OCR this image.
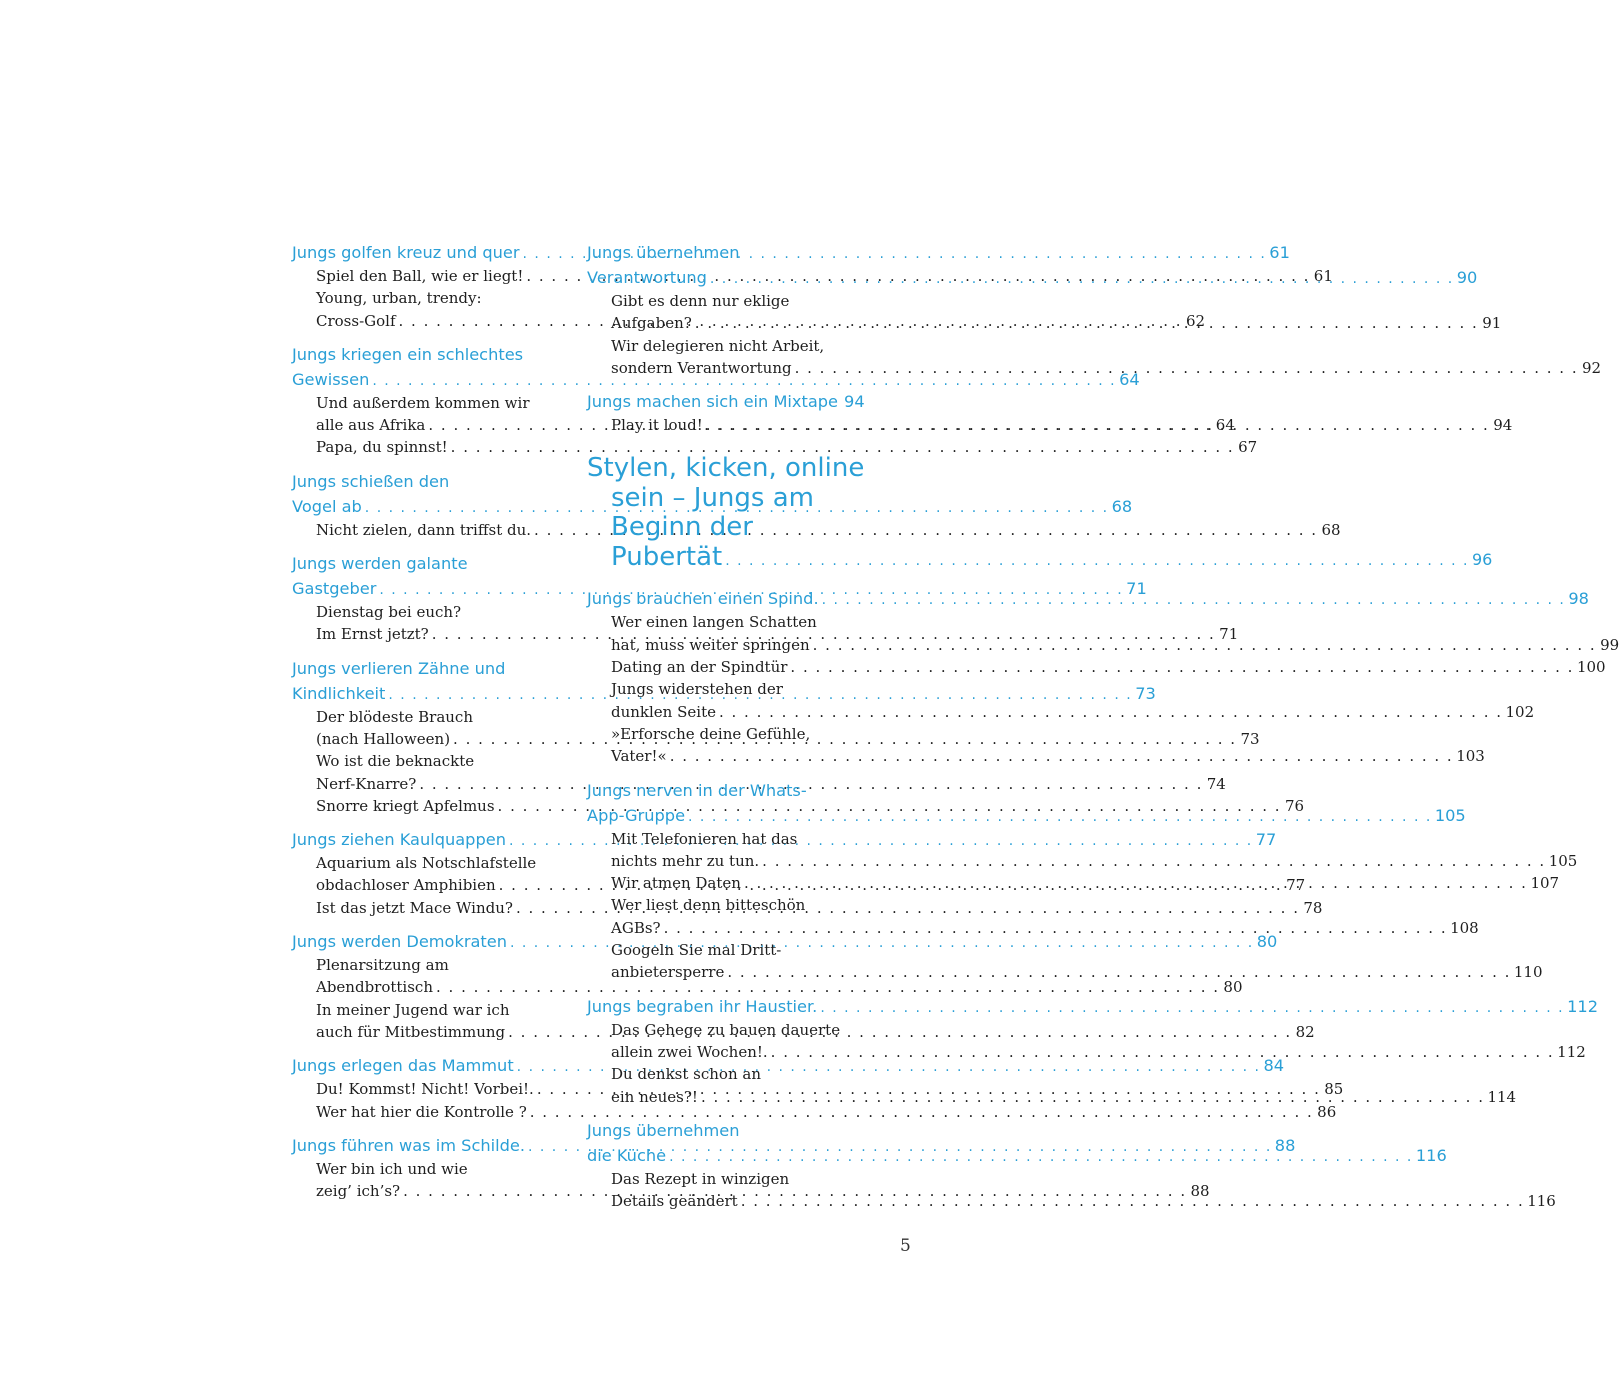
Jungs golfen kreuz und quer . . .	61
Spiel den Ball, wie er liegt! . . .	61
Young, urban, trendy:
Cross-Golf . . .	62
Jungs kriegen ein schlechtes
Gewissen . . .	64
Und außerdem kommen wir
alle aus Afrika . . .	64
Papa, du spinnst! . . .	67
Jungs schießen den
Vogel ab . . .	68
Nicht zielen, dann triffst du. . . .	68
Jungs werden galante
Gastgeber . . .	71
Dienstag bei euch?
Im Ernst jetzt? . . .	71
Jungs verlieren Zähne und
Kindlichkeit . . .	73
Der blödeste Brauch
(nach Halloween) . . .	73
Wo ist die beknackte
Nerf-Knarre? . . .	74
Snorre kriegt Apfelmus . . .	76
Jungs ziehen Kaulquappen . . .	77
Aquarium als Notschlafstelle
obdachloser Amphibien . . .	77
Ist das jetzt Mace Windu? . . .	78
Jungs werden Demokraten . . .	80
Plenarsitzung am
Abendbrottisch . . .	80
In meiner Jugend war ich
auch für Mitbestimmung . . .	82
Jungs erlegen das Mammut . . .	84
Du! Kommst! Nicht! Vorbei!. . . .	85
Wer hat hier die Kontrolle ? . . .	86
Jungs führen was im Schilde. . . .	88
Wer bin ich und wie
zeig’ ich’s? . . .	88
Jungs übernehmen
Verantwortung . . .	90
Gibt es denn nur eklige
Aufgaben? . . .	91
Wir delegieren nicht Arbeit,
sondern Verantwortung . . .	92
Jungs machen sich ein Mixtape 94
Play it loud! . . .	94
Stylen, kicken, online
sein – Jungs am
Beginn der
Pubertät . . .	96
Jungs brauchen einen Spind. . . .	98
Wer einen langen Schatten
hat, muss weiter springen . . .	99
Dating an der Spindtür . . .	100
Jungs widerstehen der
dunklen Seite . . .	102
»Erforsche deine Gefühle,
Vater!« . . .	103
Jungs nerven in der Whats-
App-Gruppe . . .	105
Mit Telefonieren hat das
nichts mehr zu tun. . . .	105
Wir atmen Daten . . .	107
Wer liest denn bitteschön
AGBs? . . .	108
Googeln Sie mal Dritt-
anbietersperre . . .	110
Jungs begraben ihr Haustier. . . .	112
Das Gehege zu bauen dauerte
allein zwei Wochen!. . . .	112
Du denkst schon an
ein neues?! . . .	114
Jungs übernehmen
die Küche . . .	116
Das Rezept in winzigen
Details geändert . . .	116
5
